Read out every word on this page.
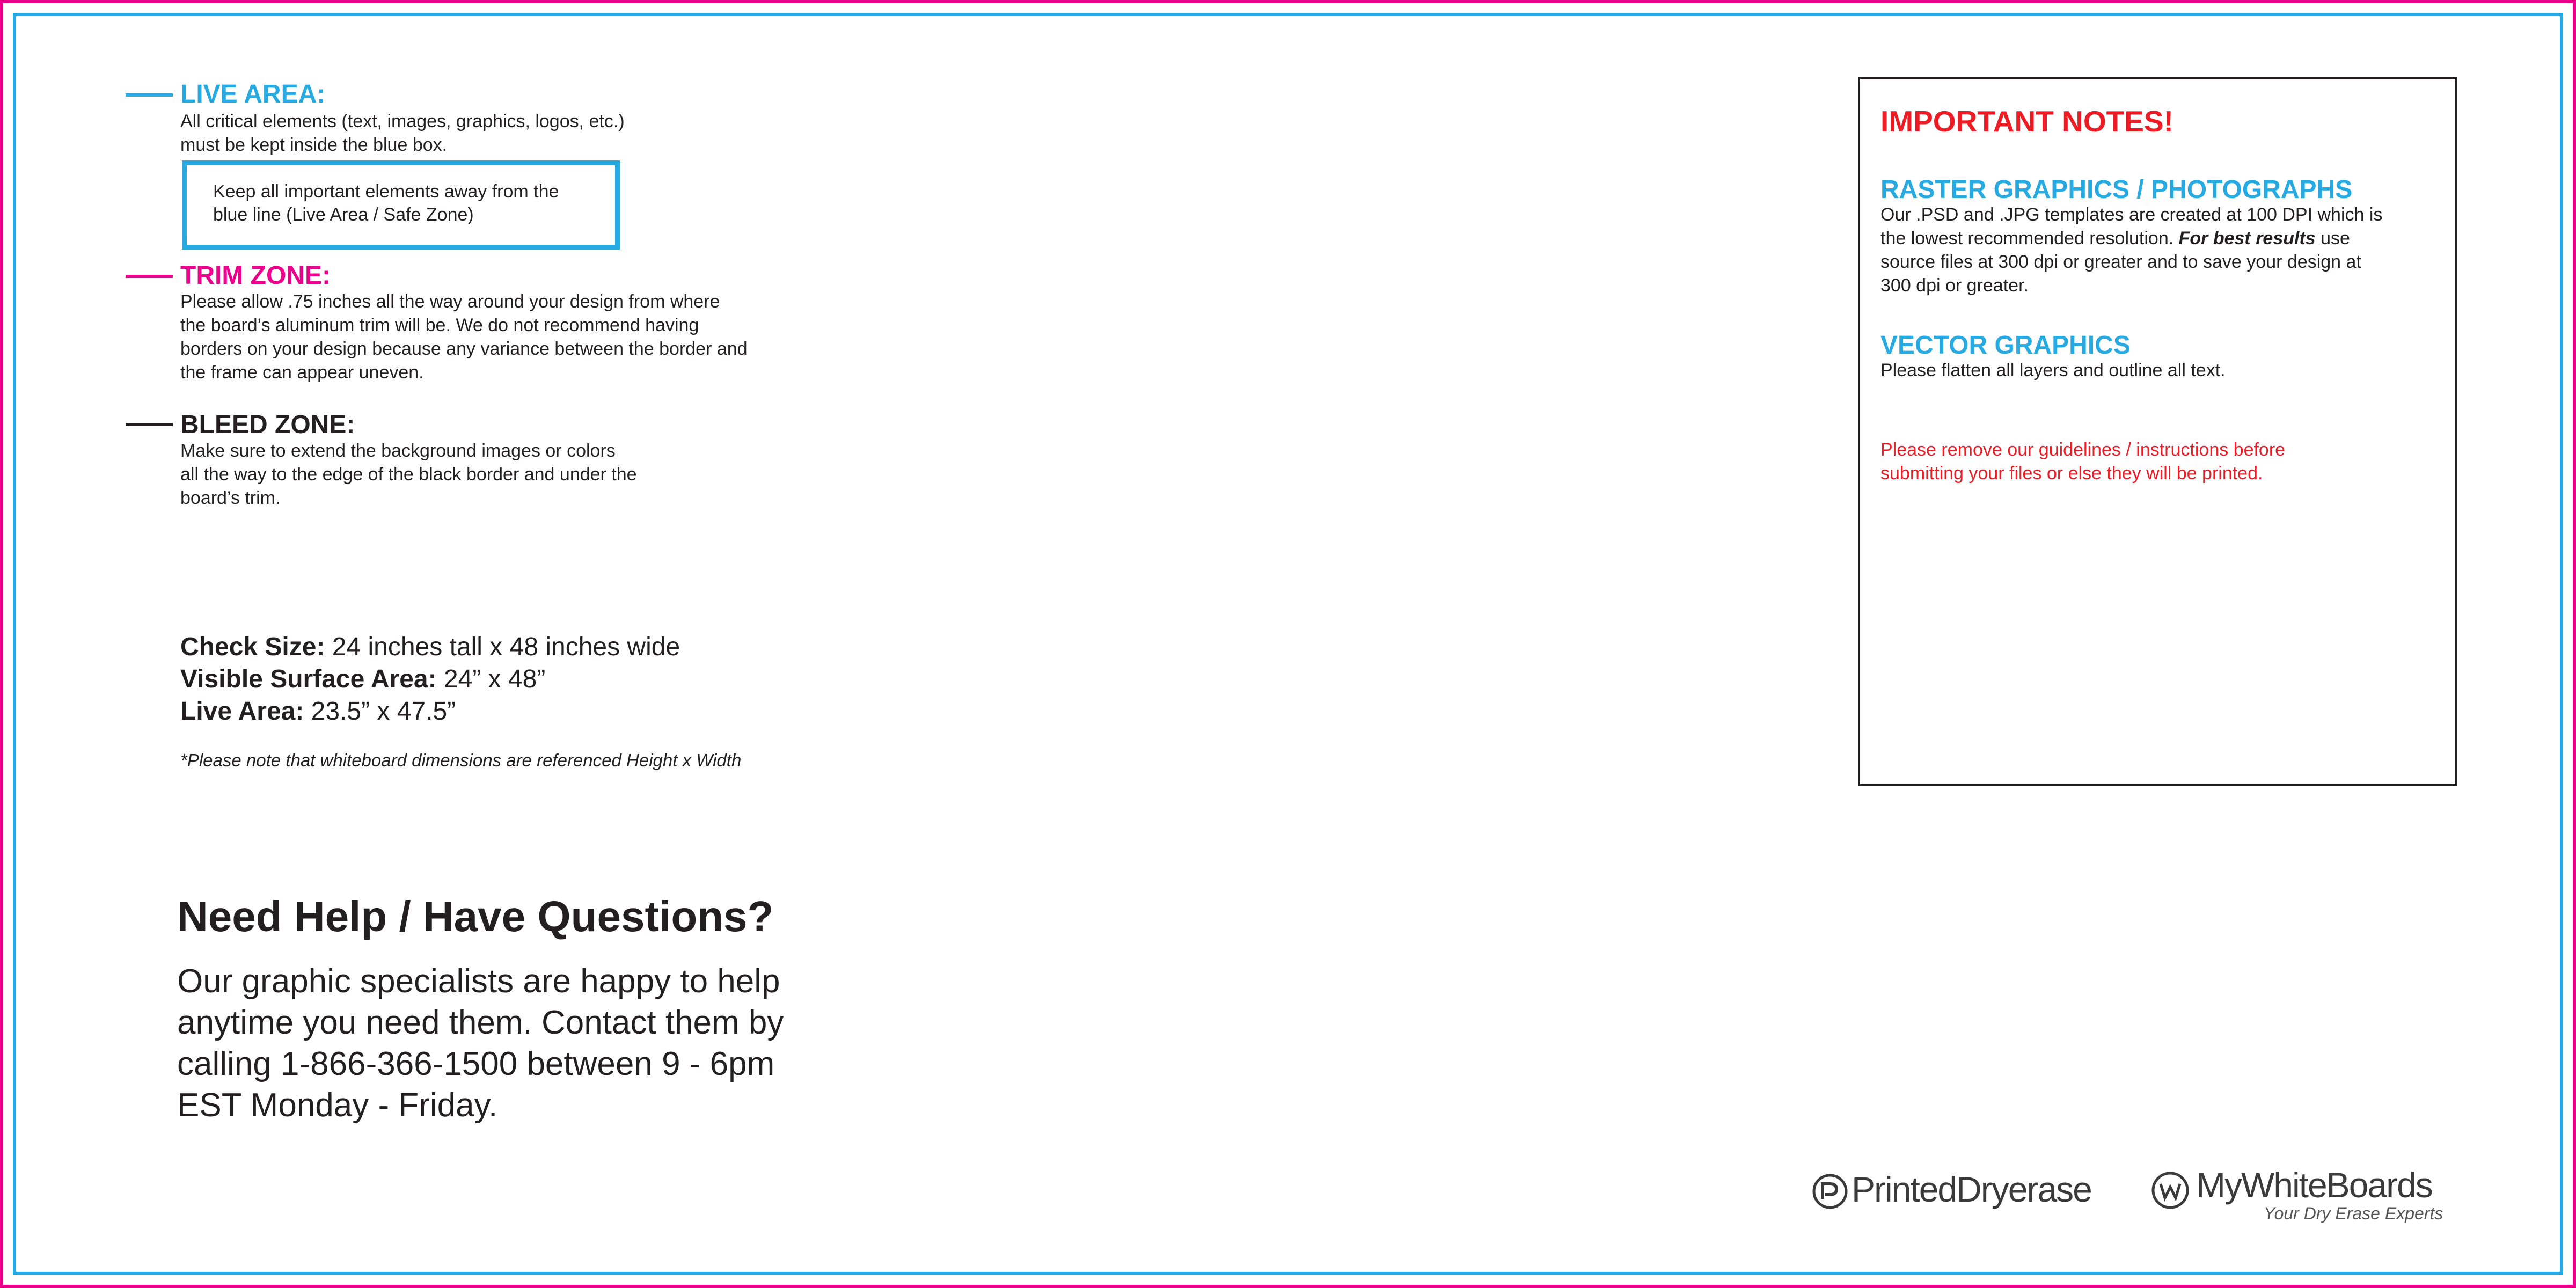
LIVE AREA:
All critical elements (text, images, graphics, logos, etc.)
must be kept inside the blue box.
Keep all important elements away from the
blue line (Live Area / Safe Zone)
TRIM ZONE:
Please allow .75 inches all the way around your design from where
the board’s aluminum trim will be. We do not recommend having
borders on your design because any variance between the border and
the frame can appear uneven.
BLEED ZONE:
Make sure to extend the background images or colors
all the way to the edge of the black border and under the
board’s trim.
Check Size: 24 inches tall x 48 inches wide
Visible Surface Area: 24” x 48”
Live Area: 23.5” x 47.5”
*Please note that whiteboard dimensions are referenced Height x Width
Need Help / Have Questions?
Our graphic specialists are happy to help
anytime you need them. Contact them by
calling 1-866-366-1500 between 9 - 6pm
EST Monday - Friday.
IMPORTANT NOTES!
RASTER GRAPHICS / PHOTOGRAPHS
Our .PSD and .JPG templates are created at 100 DPI which is
the lowest recommended resolution. For best results use
source files at 300 dpi or greater and to save your design at
300 dpi or greater.
VECTOR GRAPHICS
Please flatten all layers and outline all text.
Please remove our guidelines / instructions before
submitting your files or else they will be printed.
PrintedDryerase	MyWhiteBoards
Your Dry Erase Experts
